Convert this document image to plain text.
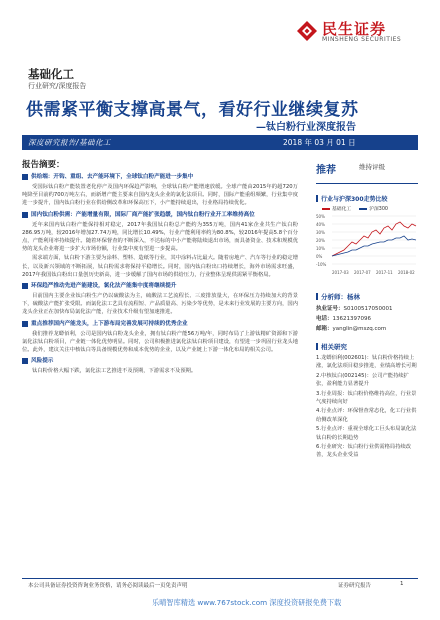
民生证券
MINSHENG SECURITIES
基础化工
行业研究/深度报告
供需紧平衡支撑高景气，看好行业继续复苏
—钛白粉行业深度报告
深度研究报告/基础化工	2018 年 03 月 01 日
报告摘要：
供给端：开钩、重组、去产能环境下，全球钛白粉产能进一步集中

受国际钛白粉产能装置老化停产及国内环保趋严影响，全球钛白粉产能增速放缓。全球产能由2015年的超720万吨降至目前约700万吨左右，而新增产能主要来自国内龙头企业的氯化法项目。同时，国际产能重组频繁，行业集中度进一步提升，国内钛白粉行业在供给侧改革和环保高压下，小产能持续退出，行业格局持续优化。

国内钛白粉供需：产能增量有限，国际厂商产能扩张趋缓，国内钛白粉行业开工率维持高位

近年来国内钛白粉产能保持相对稳定，2017年我国钛白粉总产能约为355万吨，国内41家企业共生产钛白粉286.95万吨，较2016年增加27.74万吨，同比增长10.49%，行业产能利用率约为80.8%，较2016年提高5.8个百分点，产能利用率持续提升。随着环保督查的不断深入，不达标的中小产能将陆续退出市场，而具备资金、技术和规模优势的龙头企业将进一步扩大市场份额，行业集中度有望进一步提高。

需求端方面，钛白粉下游主要为涂料、塑料、造纸等行业，其中涂料占比最大。随着房地产、汽车等行业的稳定增长，以及新兴领域的不断拓展，钛白粉需求将保持平稳增长。同时，国内钛白粉出口持续增长，海外市场需求旺盛，2017年我国钛白粉出口量创历史新高，进一步缓解了国内市场的供给压力，行业整体呈现供需紧平衡格局。

环保趋严推动先进产能建设，氯化法产能集中度将继续提升

目前国内主要企业钛白粉生产仍以硫酸法为主，硫酸法工艺流程长、三废排放量大，在环保压力持续加大的背景下，硫酸法产能扩张受限。而氯化法工艺具有流程短、产品质量高、污染少等优势，是未来行业发展的主要方向，国内龙头企业正在加快布局氯化法产能，行业技术升级有望加速推进。

重点推荐国内产能龙头，上下游布局完善发展可持续的优秀企业

我们推荐龙蟒佰利，公司是国内钛白粉龙头企业，拥有钛白粉产能56万吨/年，同时布局了上游钛精矿资源和下游氯化法钛白粉项目，产业链一体化优势明显。同时，公司积极推进氯化法钛白粉项目建设，有望进一步巩固行业龙头地位。此外，建议关注中核钛白等具备规模优势和成本优势的企业，以及产业链上下游一体化布局的相关公司。

风险提示

钛白粉价格大幅下跌，氯化法工艺推进不及预期，下游需求不及预期。

推荐	维持评级
行业与沪深300走势比较
基础化工	沪深300
50%
40%
30%
20%
10%
0%
-10%
2017-03 2017-07 2017-11 2018-02
分析师：杨林
执业证号：S0100517050001
电话：13621397096
邮箱：yanglin@mszq.com
相关研究
1.龙蟒佰利(002601)：钛白粉价格持续上涨，氯化法项目稳步推进，业绩高增长可期
2.中核钛白(002145)：公司产能持续扩张，盈利能力显著提升
3.行业周报：钛白粉价格维持高位，行业景气度持续向好
4.行业点评：环保督查常态化，化工行业供给侧改革深化
5.行业点评：重视全球化工巨头布局氯化法钛白粉的长期趋势
6.行业研究：钛白粉行业供需格局持续改善，龙头企业受益
本公司具备证券投资咨询业务资格，请务必阅读最后一页免责声明	证券研究报告	1
乐晴智库精选 www.767stock.com 深度投资研报免费下载
